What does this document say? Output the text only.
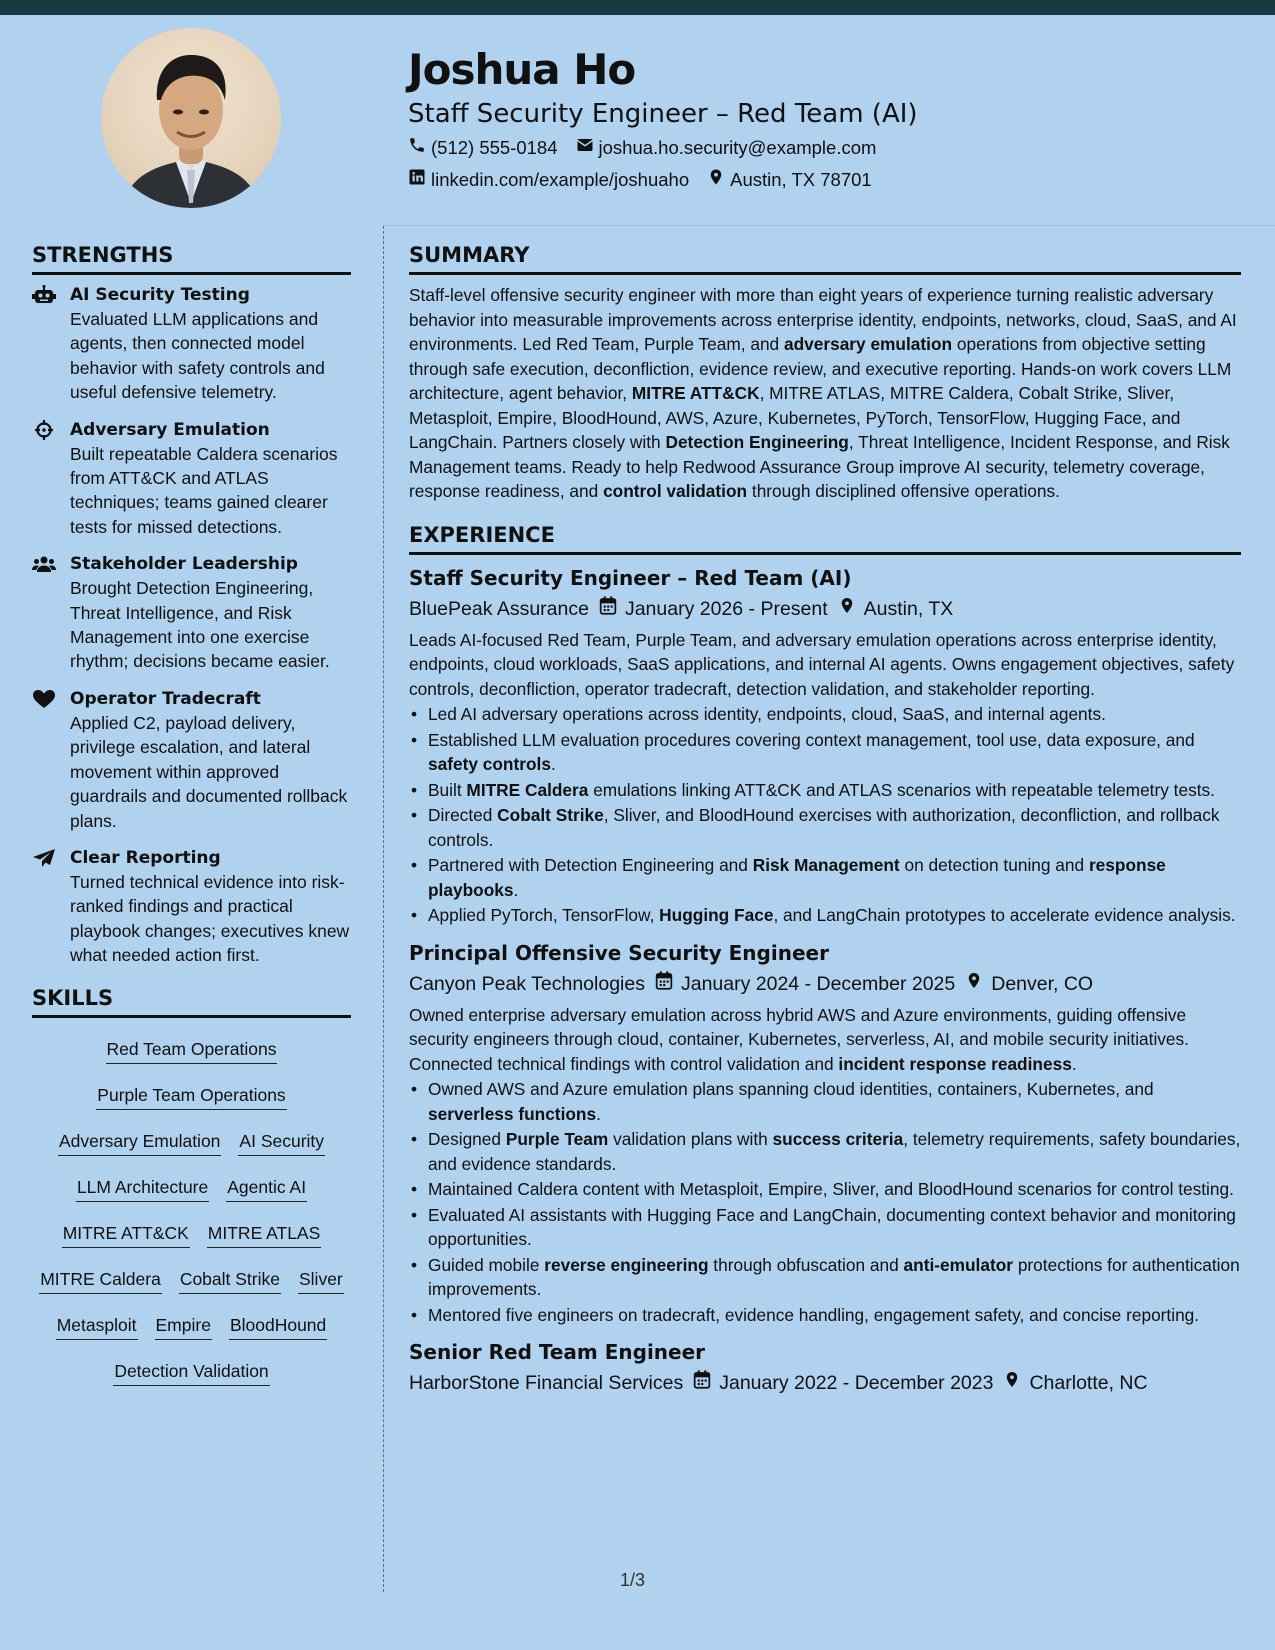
Joshua Ho
Staff Security Engineer – Red Team (AI)
(512) 555-0184 joshua.ho.security@example.com
linkedin.com/example/joshuaho Austin, TX 78701
STRENGTHS
AI Security Testing
Evaluated LLM applications and agents, then connected model behavior with safety controls and useful defensive telemetry.
Adversary Emulation
Built repeatable Caldera scenarios from ATT&CK and ATLAS techniques; teams gained clearer tests for missed detections.
Stakeholder Leadership
Brought Detection Engineering, Threat Intelligence, and Risk Management into one exercise rhythm; decisions became easier.
Operator Tradecraft
Applied C2, payload delivery, privilege escalation, and lateral movement within approved guardrails and documented rollback plans.
Clear Reporting
Turned technical evidence into risk-ranked findings and practical playbook changes; executives knew what needed action first.
SKILLS
Red Team Operations
Purple Team Operations
Adversary Emulation AI Security
LLM Architecture Agentic AI
MITRE ATT&CK MITRE ATLAS
MITRE Caldera Cobalt Strike Sliver
Metasploit Empire BloodHound
Detection Validation
SUMMARY
Staff-level offensive security engineer with more than eight years of experience turning realistic adversary behavior into measurable improvements across enterprise identity, endpoints, networks, cloud, SaaS, and AI environments. Led Red Team, Purple Team, and adversary emulation operations from objective setting through safe execution, deconfliction, evidence review, and executive reporting. Hands-on work covers LLM architecture, agent behavior, MITRE ATT&CK, MITRE ATLAS, MITRE Caldera, Cobalt Strike, Sliver, Metasploit, Empire, BloodHound, AWS, Azure, Kubernetes, PyTorch, TensorFlow, Hugging Face, and LangChain. Partners closely with Detection Engineering, Threat Intelligence, Incident Response, and Risk Management teams. Ready to help Redwood Assurance Group improve AI security, telemetry coverage, response readiness, and control validation through disciplined offensive operations.
EXPERIENCE
Staff Security Engineer – Red Team (AI)
BluePeak Assurance January 2026 - Present Austin, TX
Leads AI-focused Red Team, Purple Team, and adversary emulation operations across enterprise identity, endpoints, cloud workloads, SaaS applications, and internal AI agents. Owns engagement objectives, safety controls, deconfliction, operator tradecraft, detection validation, and stakeholder reporting.
• Led AI adversary operations across identity, endpoints, cloud, SaaS, and internal agents.
• Established LLM evaluation procedures covering context management, tool use, data exposure, and safety controls.
• Built MITRE Caldera emulations linking ATT&CK and ATLAS scenarios with repeatable telemetry tests.
• Directed Cobalt Strike, Sliver, and BloodHound exercises with authorization, deconfliction, and rollback controls.
• Partnered with Detection Engineering and Risk Management on detection tuning and response playbooks.
• Applied PyTorch, TensorFlow, Hugging Face, and LangChain prototypes to accelerate evidence analysis.
Principal Offensive Security Engineer
Canyon Peak Technologies January 2024 - December 2025 Denver, CO
Owned enterprise adversary emulation across hybrid AWS and Azure environments, guiding offensive security engineers through cloud, container, Kubernetes, serverless, AI, and mobile security initiatives. Connected technical findings with control validation and incident response readiness.
• Owned AWS and Azure emulation plans spanning cloud identities, containers, Kubernetes, and serverless functions.
• Designed Purple Team validation plans with success criteria, telemetry requirements, safety boundaries, and evidence standards.
• Maintained Caldera content with Metasploit, Empire, Sliver, and BloodHound scenarios for control testing.
• Evaluated AI assistants with Hugging Face and LangChain, documenting context behavior and monitoring opportunities.
• Guided mobile reverse engineering through obfuscation and anti-emulator protections for authentication improvements.
• Mentored five engineers on tradecraft, evidence handling, engagement safety, and concise reporting.
Senior Red Team Engineer
HarborStone Financial Services January 2022 - December 2023 Charlotte, NC
1/3
